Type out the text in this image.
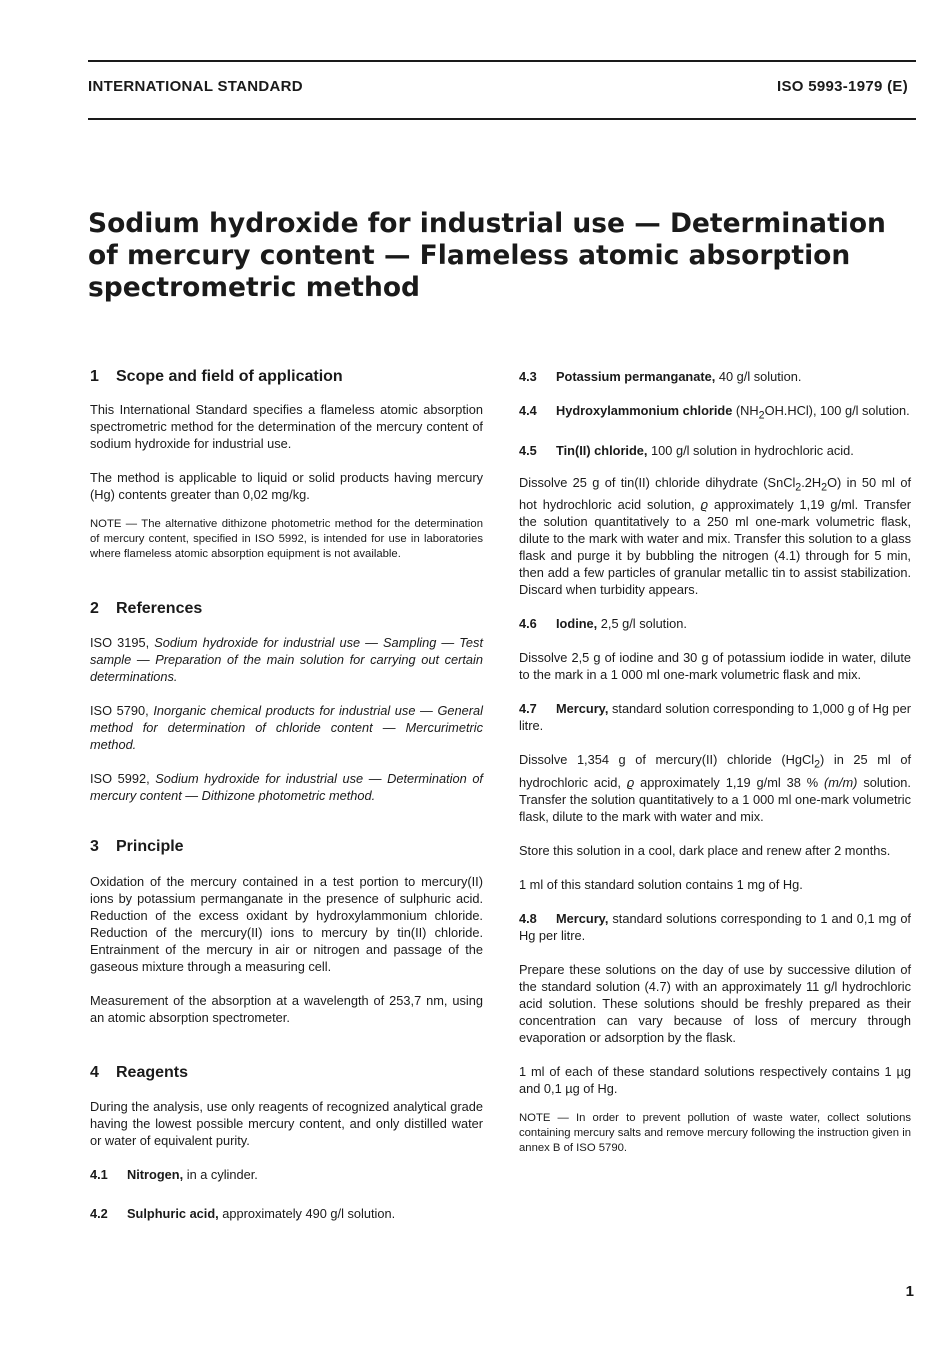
INTERNATIONAL STANDARD	ISO 5993-1979 (E)
Sodium hydroxide for industrial use — Determination of mercury content — Flameless atomic absorption spectrometric method
1 Scope and field of application

This International Standard specifies a flameless atomic absorption spectrometric method for the determination of the mercury content of sodium hydroxide for industrial use.

The method is applicable to liquid or solid products having mercury (Hg) contents greater than 0,02 mg/kg.

NOTE — The alternative dithizone photometric method for the determination of mercury content, specified in ISO 5992, is intended for use in laboratories where flameless atomic absorption equipment is not available.

2 References

ISO 3195, Sodium hydroxide for industrial use — Sampling — Test sample — Preparation of the main solution for carrying out certain determinations.

ISO 5790, Inorganic chemical products for industrial use — General method for determination of chloride content — Mercurimetric method.

ISO 5992, Sodium hydroxide for industrial use — Determination of mercury content — Dithizone photometric method.

3 Principle

Oxidation of the mercury contained in a test portion to mercury(II) ions by potassium permanganate in the presence of sulphuric acid. Reduction of the excess oxidant by hydroxylammonium chloride. Reduction of the mercury(II) ions to mercury by tin(II) chloride. Entrainment of the mercury in air or nitrogen and passage of the gaseous mixture through a measuring cell.

Measurement of the absorption at a wavelength of 253,7 nm, using an atomic absorption spectrometer.

4 Reagents

During the analysis, use only reagents of recognized analytical grade having the lowest possible mercury content, and only distilled water or water of equivalent purity.

4.1 Nitrogen, in a cylinder.

4.2 Sulphuric acid, approximately 490 g/l solution.

4.3 Potassium permanganate, 40 g/l solution.

4.4 Hydroxylammonium chloride $(NH_2OH.HCl)$, 100 g/l solution.

4.5 Tin(II) chloride, 100 g/l solution in hydrochloric acid.

Dissolve 25 g of tin(II) chloride dihydrate $(SnCl_2.2H_2O)$ in 50 ml of hot hydrochloric acid solution, ϱ approximately 1,19 g/ml. Transfer the solution quantitatively to a 250 ml one-mark volumetric flask, dilute to the mark with water and mix. Transfer this solution to a glass flask and purge it by bubbling the nitrogen (4.1) through for 5 min, then add a few particles of granular metallic tin to assist stabilization. Discard when turbidity appears.

4.6 Iodine, 2,5 g/l solution.

Dissolve 2,5 g of iodine and 30 g of potassium iodide in water, dilute to the mark in a 1 000 ml one-mark volumetric flask and mix.

4.7 Mercury, standard solution corresponding to 1,000 g of Hg per litre.

Dissolve 1,354 g of mercury(II) chloride (HgCl$_2$) in 25 ml of hydrochloric acid, ϱ approximately 1,19 g/ml 38 % (m/m) solution. Transfer the solution quantitatively to a 1 000 ml one-mark volumetric flask, dilute to the mark with water and mix.

Store this solution in a cool, dark place and renew after 2 months.

1 ml of this standard solution contains 1 mg of Hg.

4.8 Mercury, standard solutions corresponding to 1 and 0,1 mg of Hg per litre.

Prepare these solutions on the day of use by successive dilution of the standard solution (4.7) with an approximately 11 g/l hydrochloric acid solution. These solutions should be freshly prepared as their concentration can vary because of loss of mercury through evaporation or adsorption by the flask.

1 ml of each of these standard solutions respectively contains 1 µg and 0,1 µg of Hg.

NOTE — In order to prevent pollution of waste water, collect solutions containing mercury salts and remove mercury following the instruction given in annex B of ISO 5790.

1
